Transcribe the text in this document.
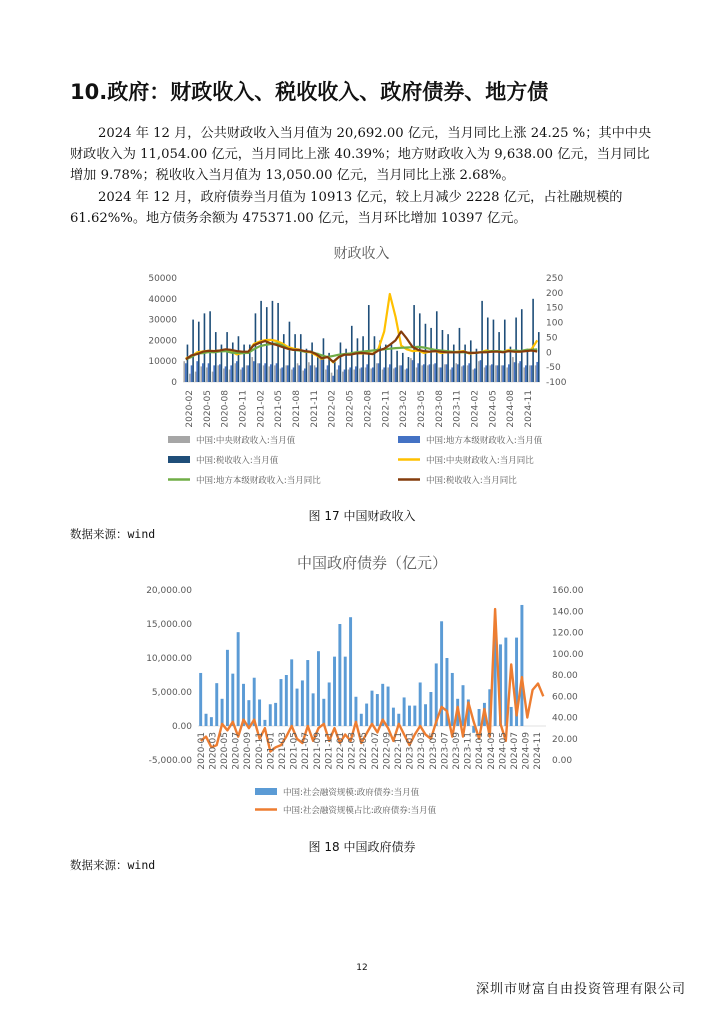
10.政府：财政收入、税收收入、政府债券、地方债

2024 年 12 月，公共财政收入当月值为 20,692.00 亿元，当月同比上涨 24.25 %；其中中央财政收入为 11,054.00 亿元，当月同比上涨 40.39%；地方财政收入为 9,638.00 亿元，当月同比增加 9.78%；税收收入当月值为 13,050.00 亿元，当月同比上涨 2.68%。

2024 年 12 月，政府债券当月值为 10913 亿元，较上月减少 2228 亿元，占社融规模的 61.62%%。地方债务余额为 475371.00 亿元，当月环比增加 10397 亿元。

财政收入
50000
40000
30000
20000
10000
0
250
200
150
100
50
0
-50
-100
2020-02 2020-05 2020-08 2020-11 2021-02 2021-05 2021-08 2021-11 2022-02 2022-05 2022-08 2022-11 2023-02 2023-05 2023-08 2023-11 2024-02 2024-05 2024-08 2024-11
中国:中央财政收入:当月值	中国:地方本级财政收入:当月值
中国:税收收入:当月值	中国:中央财政收入:当月同比
中国:地方本级财政收入:当月同比	中国:税收收入:当月同比
图 17 中国财政收入
数据来源：wind
中国政府债券（亿元）
20,000.00
15,000.00
10,000.00
5,000.00
0.00
-5,000.00
160.00
140.00
120.00
100.00
80.00
60.00
40.00
20.00
0.00
2020-01 2020-03 2020-05 2020-07 2020-09 2020-11 2021-01 2021-03 2021-05 2021-07 2021-09 2021-11 2022-01 2022-03 2022-05 2022-07 2022-09 2022-11 2023-01 2023-03 2023-05 2023-07 2023-09 2023-11 2024-01 2024-03 2024-05 2024-07 2024-09 2024-11
中国:社会融资规模:政府债券:当月值
中国:社会融资规模占比:政府债券:当月值
图 18 中国政府债券
数据来源：wind
12
深圳市财富自由投资管理有限公司
